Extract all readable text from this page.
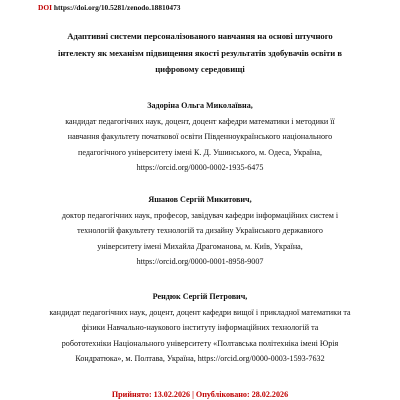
DOI https://doi.org/10.5281/zenodo.18810473
Адаптивні системи персоналізованого навчання на основі штучного
інтелекту як механізм підвищення якості результатів здобувачів освіти в
цифровому середовищі
Задоріна Ольга Миколаївна,
кандидат педагогічних наук, доцент, доцент кафедри математики і методики її
навчання факультету початкової освіти Південноукраїнського національного
педагогічного університету імені К. Д. Ушинського, м. Одеса, Україна,
https://orcid.org/0000-0002-1935-6475
Яшанов Сергій Микитович,
доктор педагогічних наук, професор, завідувач кафедри інформаційних систем і
технологій факультету технологій та дизайну Українського державного
університету імені Михайла Драгоманова, м. Київ, Україна,
https://orcid.org/0000-0001-8958-9007
Рендюк Сергій Петрович,
кандидат педагогічних наук, доцент, доцент кафедри вищої і прикладної математики та
фізики Навчально-наукового інституту інформаційних технологій та
робототехніки Національного університету «Полтавська політехніка імені Юрія
Кондратюка», м. Полтава, Україна, https://orcid.org/0000-0003-1593-7632
Прийнято: 13.02.2026 | Опубліковано: 28.02.2026
